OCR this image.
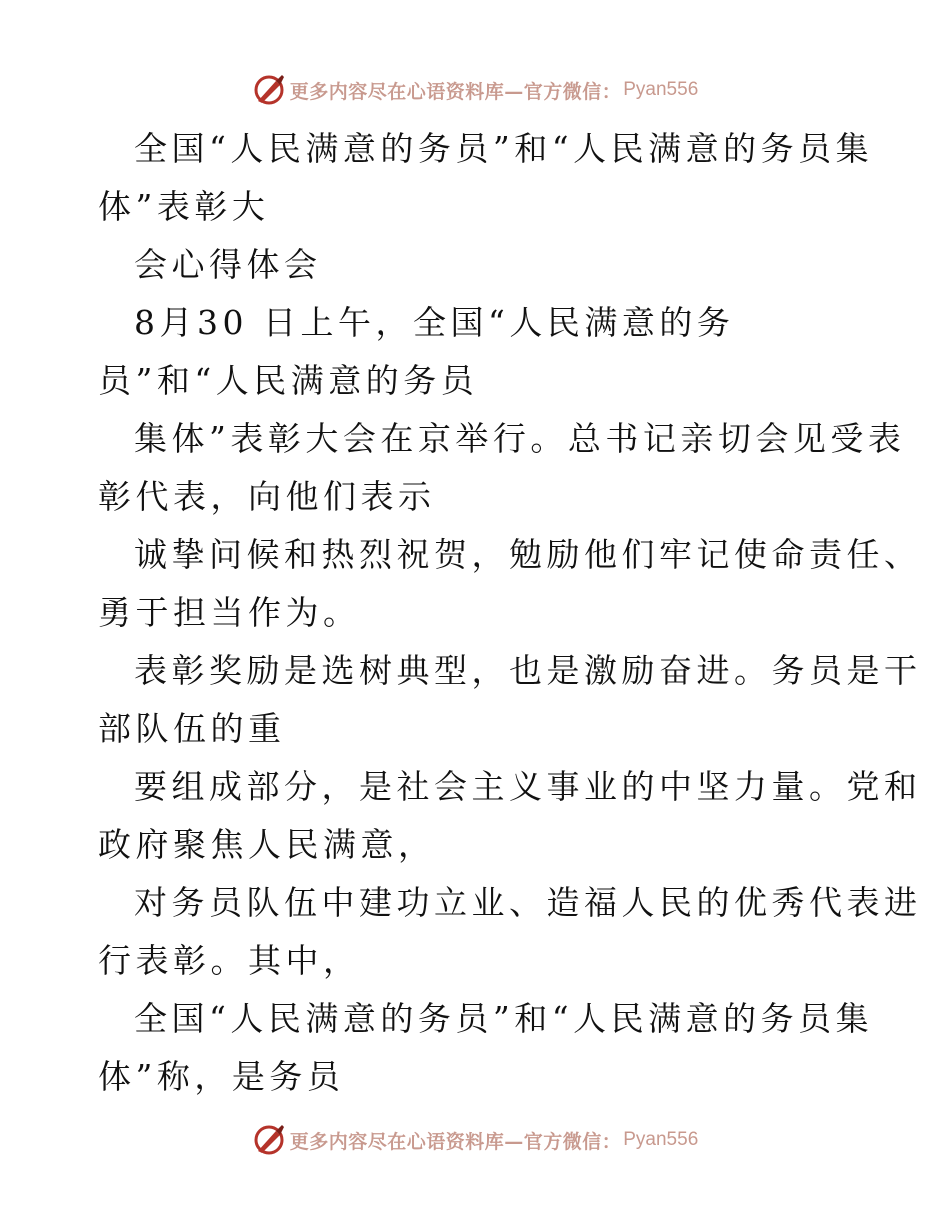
更多内容尽在心语资料库—官方微信： Pyan556
全国“人民满意的务员”和“人民满意的务员集
体”表彰大
会心得体会
8月30 日上午，全国“人民满意的务
员”和“人民满意的务员
集体”表彰大会在京举行。总书记亲切会见受表
彰代表，向他们表示
诚挚问候和热烈祝贺，勉励他们牢记使命责任、
勇于担当作为。
表彰奖励是选树典型，也是激励奋进。务员是干
部队伍的重
要组成部分，是社会主义事业的中坚力量。党和
政府聚焦人民满意，
对务员队伍中建功立业、造福人民的优秀代表进
行表彰。其中，
全国“人民满意的务员”和“人民满意的务员集
体”称，是务员
更多内容尽在心语资料库—官方微信： Pyan556
